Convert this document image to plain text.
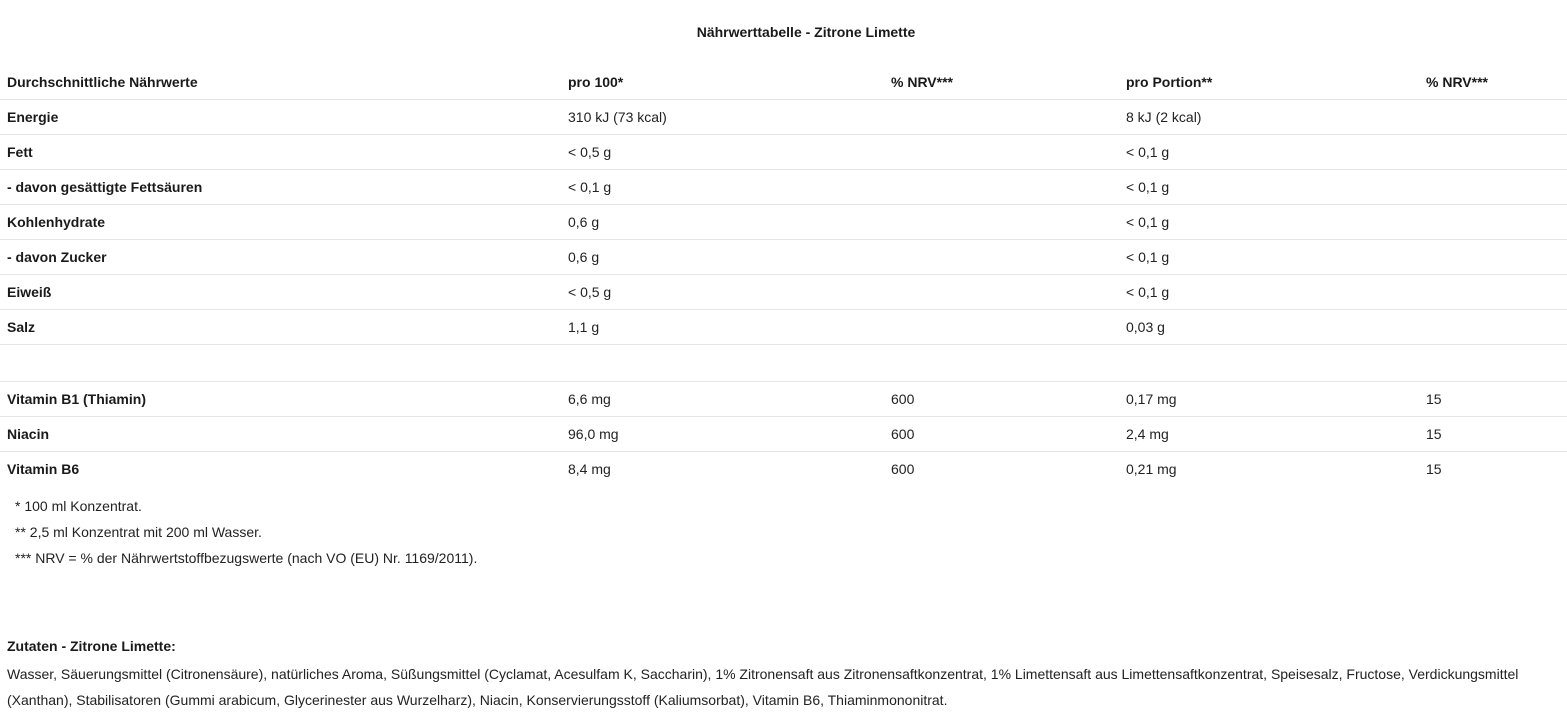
Nährwerttabelle - Zitrone Limette
Durchschnittliche Nährwerte	pro 100*	% NRV***	pro Portion**	% NRV***
Energie	310 kJ (73 kcal)		8 kJ (2 kcal)	
Fett	< 0,5 g		< 0,1 g	
- davon gesättigte Fettsäuren	< 0,1 g		< 0,1 g	
Kohlenhydrate	0,6 g		< 0,1 g	
- davon Zucker	0,6 g		< 0,1 g	
Eiweiß	< 0,5 g		< 0,1 g	
Salz	1,1 g		0,03 g	

Vitamin B1 (Thiamin)	6,6 mg	600	0,17 mg	15
Niacin	96,0 mg	600	2,4 mg	15
Vitamin B6	8,4 mg	600	0,21 mg	15
* 100 ml Konzentrat.
** 2,5 ml Konzentrat mit 200 ml Wasser.
*** NRV = % der Nährwertstoffbezugswerte (nach VO (EU) Nr. 1169/2011).
Zutaten - Zitrone Limette:
Wasser, Säuerungsmittel (Citronensäure), natürliches Aroma, Süßungsmittel (Cyclamat, Acesulfam K, Saccharin), 1% Zitronensaft aus Zitronensaftkonzentrat, 1% Limettensaft aus Limettensaftkonzentrat, Speisesalz, Fructose, Verdickungsmittel (Xanthan), Stabilisatoren (Gummi arabicum, Glycerinester aus Wurzelharz), Niacin, Konservierungsstoff (Kaliumsorbat), Vitamin B6, Thiaminmononitrat.
